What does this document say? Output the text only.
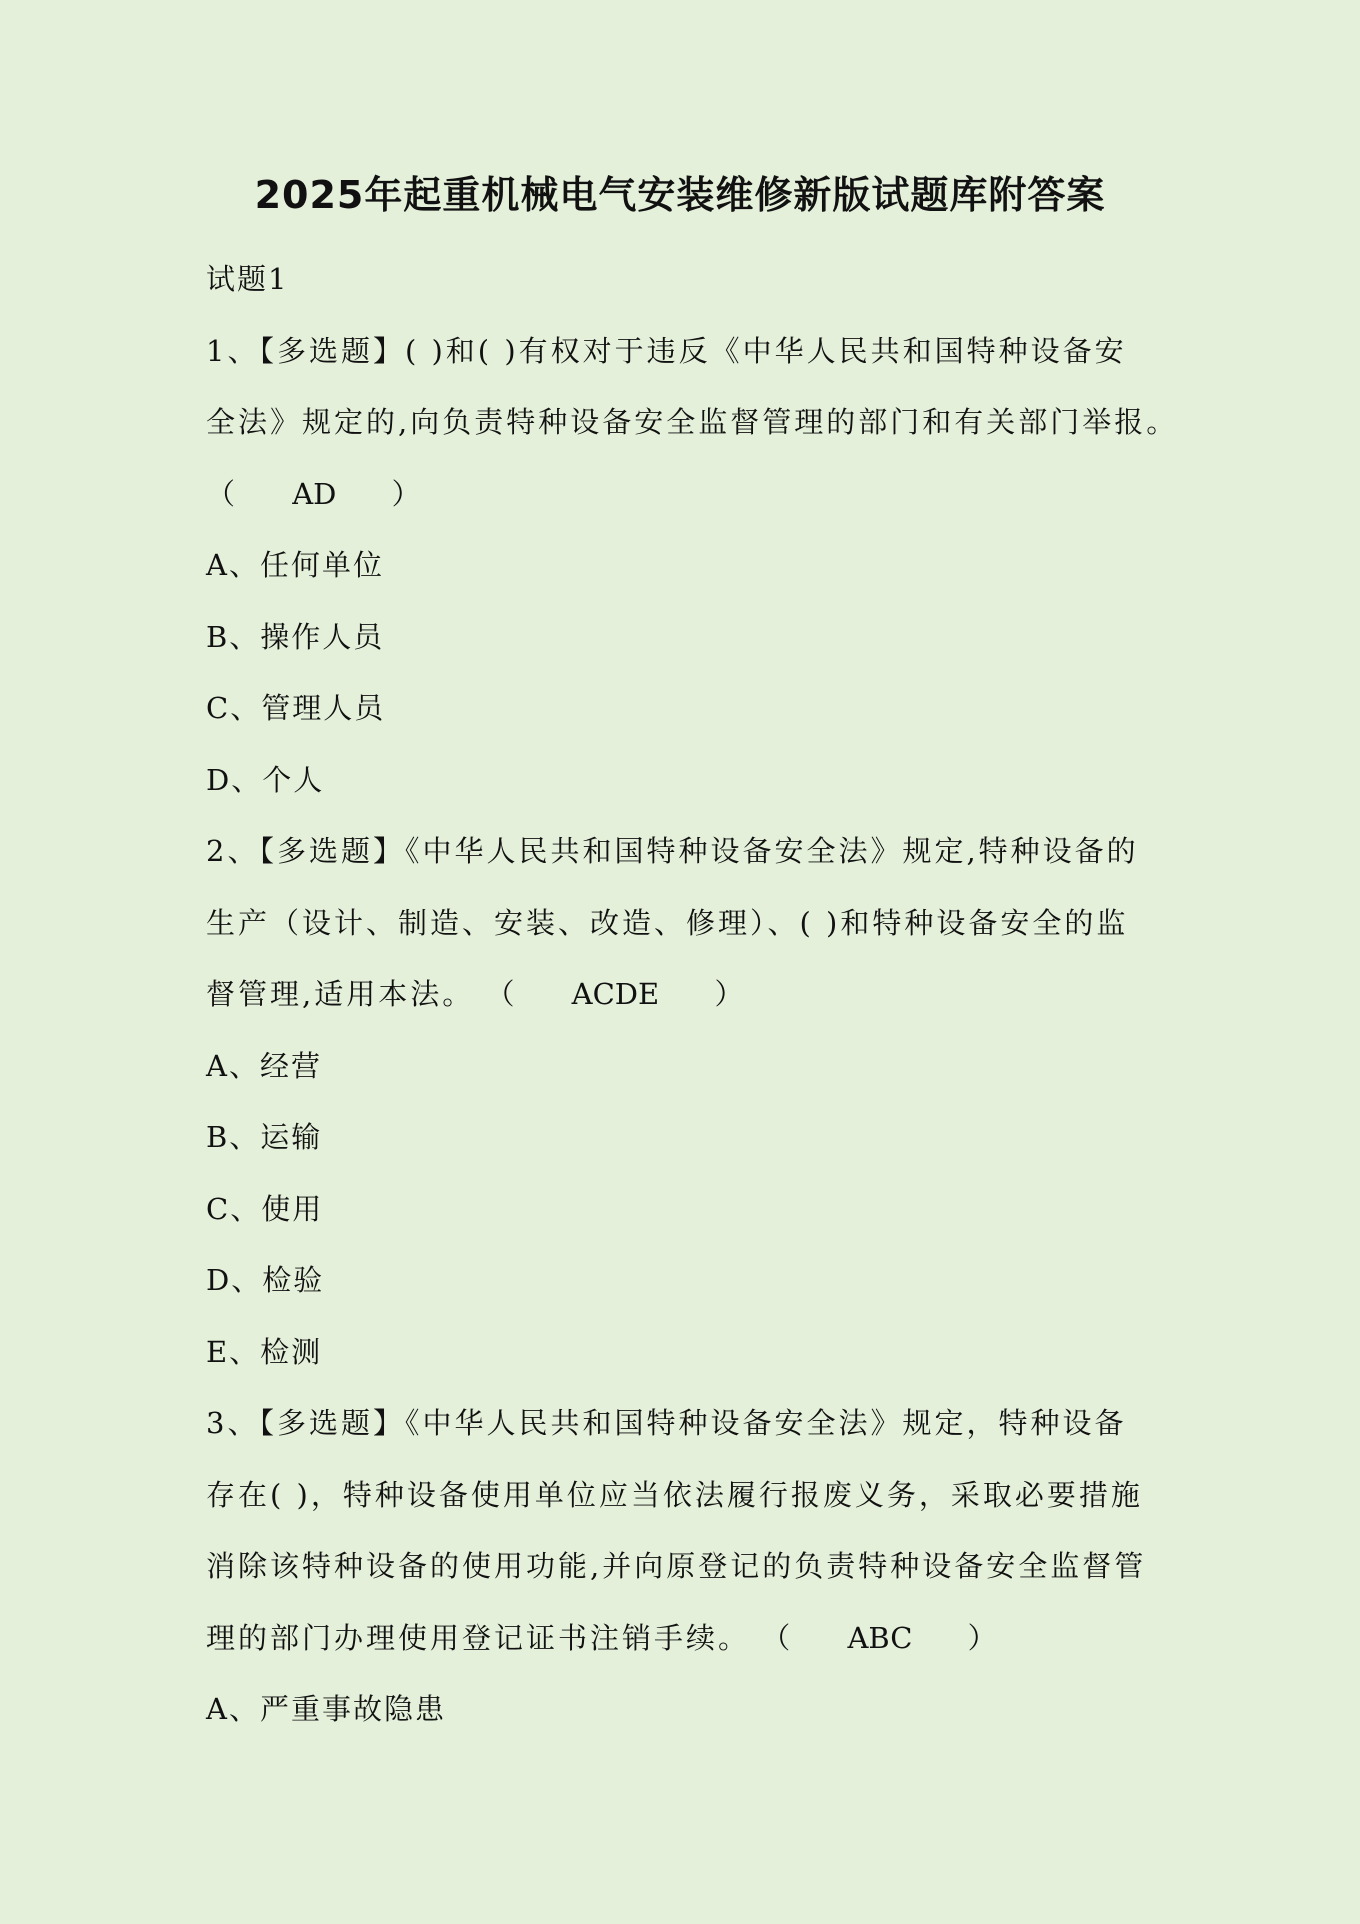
2025年起重机械电气安装维修新版试题库附答案
试题1
1、【多选题】( )和( )有权对于违反《中华人民共和国特种设备安
全法》规定的,向负责特种设备安全监督管理的部门和有关部门举报。
（ AD ）
A、任何单位
B、操作人员
C、管理人员
D、个人
2、【多选题】《中华人民共和国特种设备安全法》规定,特种设备的
生产（设计、制造、安装、改造、修理）、( )和特种设备安全的监
督管理,适用本法。 （ ACDE ）
A、经营
B、运输
C、使用
D、检验
E、检测
3、【多选题】《中华人民共和国特种设备安全法》规定，特种设备
存在( )，特种设备使用单位应当依法履行报废义务，采取必要措施
消除该特种设备的使用功能,并向原登记的负责特种设备安全监督管
理的部门办理使用登记证书注销手续。 （ ABC ）
A、严重事故隐患
